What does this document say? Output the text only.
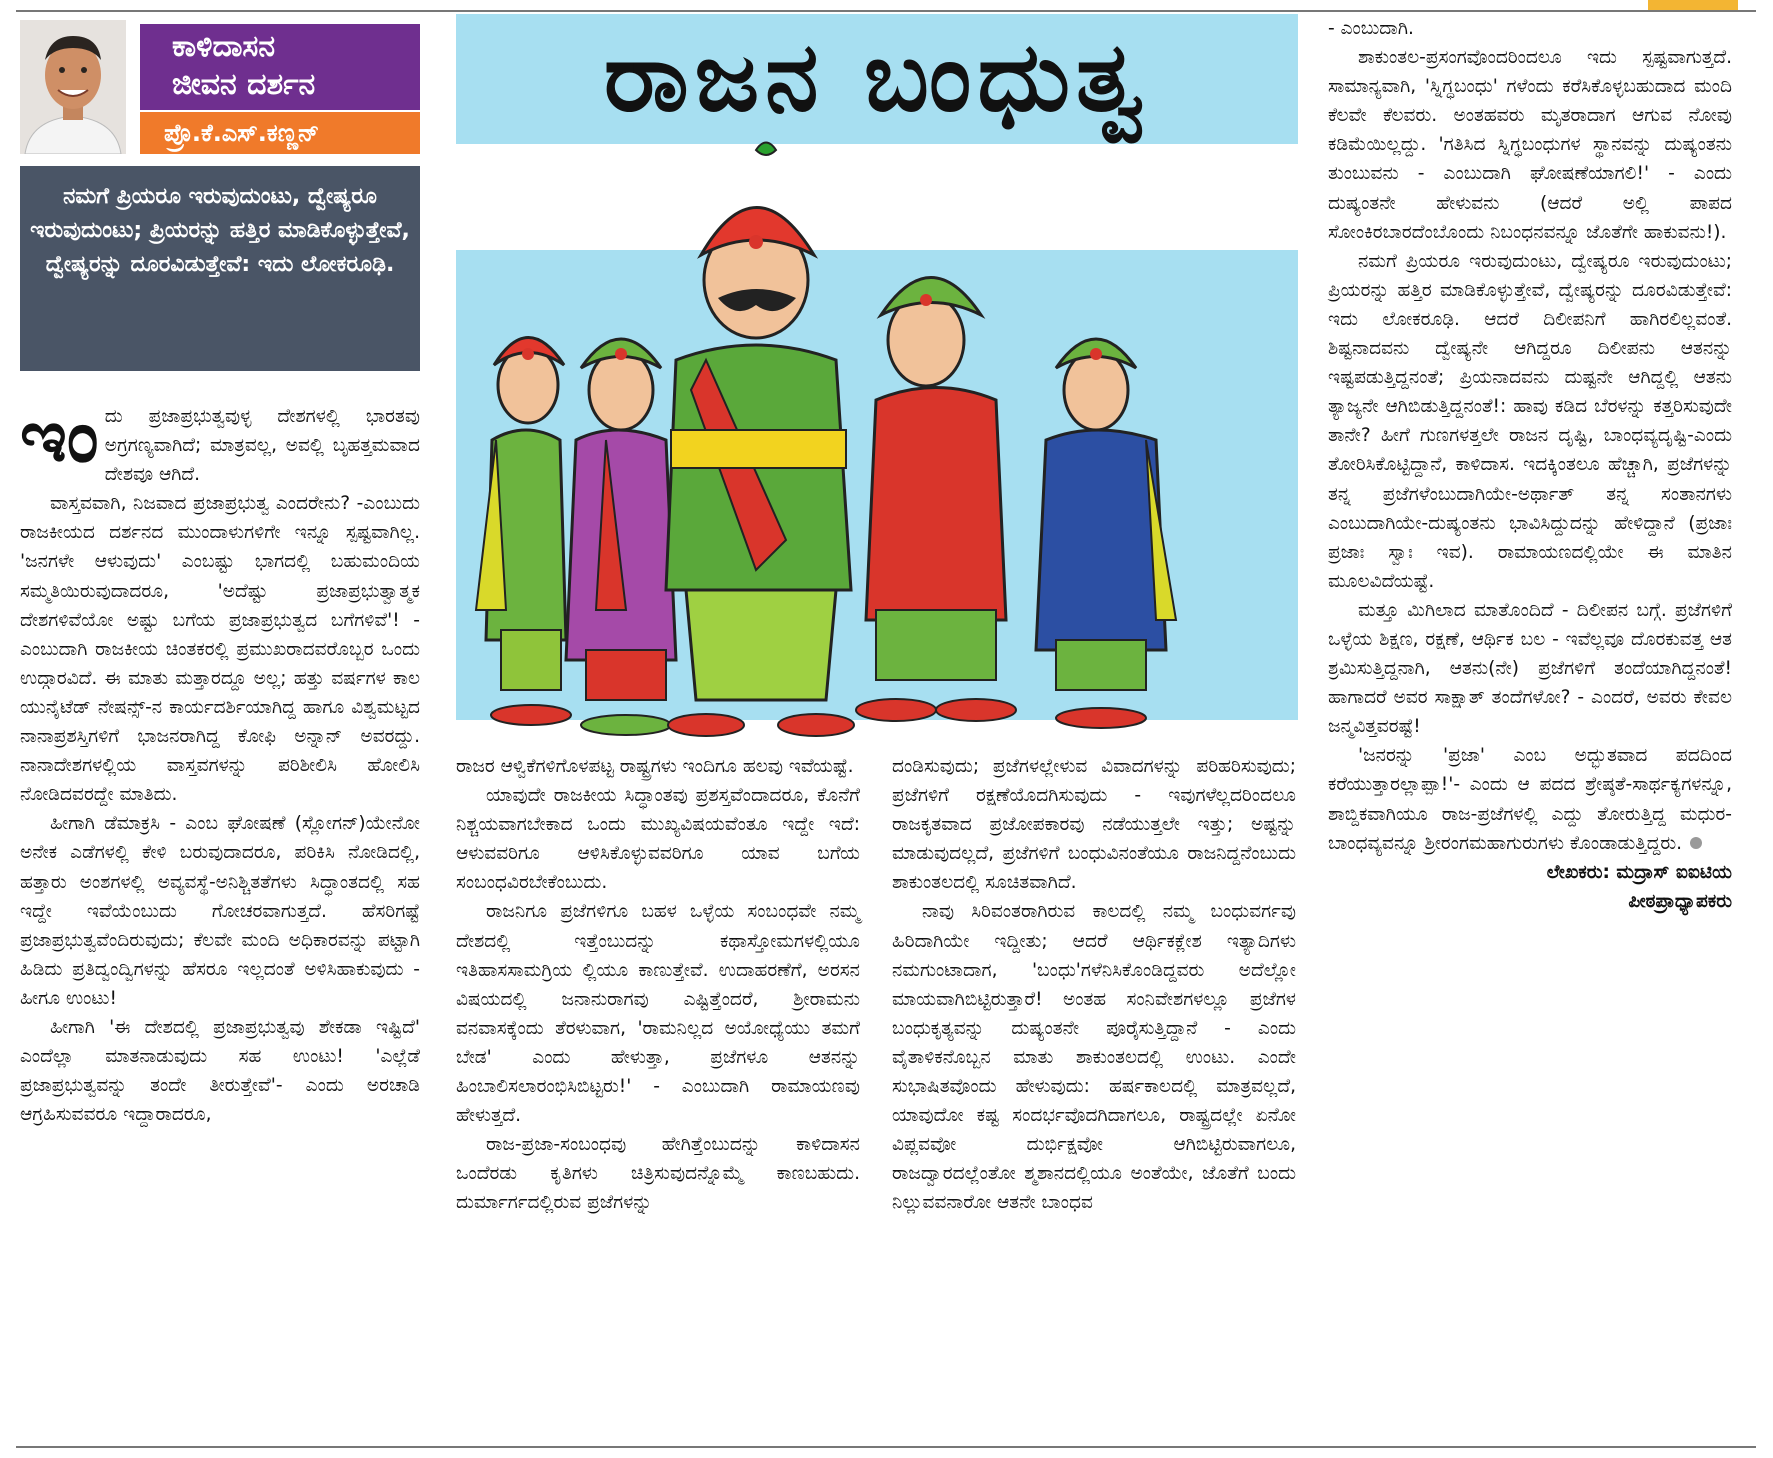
ಕಾಳಿದಾಸನ
ಜೀವನ ದರ್ಶನ
ಪ್ರೊ.ಕೆ.ಎಸ್.ಕಣ್ಣನ್
ನಮಗೆ ಪ್ರಿಯರೂ ಇರುವುದುಂಟು, ದ್ವೇಷ್ಯರೂ ಇರುವುದುಂಟು; ಪ್ರಿಯರನ್ನು ಹತ್ತಿರ ಮಾಡಿಕೊಳ್ಳುತ್ತೇವೆ, ದ್ವೇಷ್ಯರನ್ನು ದೂರವಿಡುತ್ತೇವೆ: ಇದು ಲೋಕರೂಢಿ.
ರಾಜನ ಬಂಧುತ್ವ

ಇಂದು ಪ್ರಜಾಪ್ರಭುತ್ವವುಳ್ಳ ದೇಶಗಳಲ್ಲಿ ಭಾರತವು ಅಗ್ರಗಣ್ಯವಾಗಿದೆ; ಮಾತ್ರವಲ್ಲ, ಅವಲ್ಲಿ ಬೃಹತ್ತಮವಾದ ದೇಶವೂ ಆಗಿದೆ.

ವಾಸ್ತವವಾಗಿ, ನಿಜವಾದ ಪ್ರಜಾಪ್ರಭುತ್ವ ಎಂದರೇನು? -ಎಂಬುದು ರಾಜಕೀಯದ ದರ್ಶನದ ಮುಂದಾಳುಗಳಿಗೇ ಇನ್ನೂ ಸ್ಪಷ್ಟವಾಗಿಲ್ಲ. 'ಜನಗಳೇ ಆಳುವುದು' ಎಂಬಷ್ಟು ಭಾಗದಲ್ಲಿ ಬಹುಮಂದಿಯ ಸಮ್ಮತಿಯಿರುವುದಾದರೂ, 'ಅದೆಷ್ಟು ಪ್ರಜಾಪ್ರಭುತ್ವಾತ್ಮಕ ದೇಶಗಳಿವೆಯೋ ಅಷ್ಟು ಬಗೆಯ ಪ್ರಜಾಪ್ರಭುತ್ವದ ಬಗೆಗಳಿವೆ'! - ಎಂಬುದಾಗಿ ರಾಜಕೀಯ ಚಿಂತಕರಲ್ಲಿ ಪ್ರಮುಖರಾದವರೊಬ್ಬರ ಒಂದು ಉದ್ಗಾರವಿದೆ. ಈ ಮಾತು ಮತ್ತಾರದ್ದೂ ಅಲ್ಲ; ಹತ್ತು ವರ್ಷಗಳ ಕಾಲ ಯುನೈಟೆಡ್ ನೇಷನ್ಸ್-ನ ಕಾರ್ಯದರ್ಶಿಯಾಗಿದ್ದ ಹಾಗೂ ವಿಶ್ವಮಟ್ಟದ ನಾನಾಪ್ರಶಸ್ತಿಗಳಿಗೆ ಭಾಜನರಾಗಿದ್ದ ಕೋಫಿ ಅನ್ನಾನ್ ಅವರದ್ದು. ನಾನಾದೇಶಗಳಲ್ಲಿಯ ವಾಸ್ತವಗಳನ್ನು ಪರಿಶೀಲಿಸಿ ಹೋಲಿಸಿ ನೋಡಿದವರದ್ದೇ ಮಾತಿದು.

ಹೀಗಾಗಿ ಡೆಮಾಕ್ರಸಿ - ಎಂಬ ಘೋಷಣೆ (ಸ್ಲೋಗನ್)ಯೇನೋ ಅನೇಕ ಎಡೆಗಳಲ್ಲಿ ಕೇಳಿ ಬರುವುದಾದರೂ, ಪರಿಕಿಸಿ ನೋಡಿದಲ್ಲಿ, ಹತ್ತಾರು ಅಂಶಗಳಲ್ಲಿ ಅವ್ಯವಸ್ಥೆ-ಅನಿಶ್ಚಿತತೆಗಳು ಸಿದ್ಧಾಂತದಲ್ಲಿ ಸಹ ಇದ್ದೇ ಇವೆಯೆಂಬುದು ಗೋಚರವಾಗುತ್ತದೆ. ಹೆಸರಿಗಷ್ಟೆ ಪ್ರಜಾಪ್ರಭುತ್ವವೆಂದಿರುವುದು; ಕೆಲವೇ ಮಂದಿ ಅಧಿಕಾರವನ್ನು ಪಟ್ಟಾಗಿ ಹಿಡಿದು ಪ್ರತಿದ್ವಂದ್ವಿಗಳನ್ನು ಹೆಸರೂ ಇಲ್ಲದಂತೆ ಅಳಿಸಿಹಾಕುವುದು - ಹೀಗೂ ಉಂಟು!

ಹೀಗಾಗಿ 'ಈ ದೇಶದಲ್ಲಿ ಪ್ರಜಾಪ್ರಭುತ್ವವು ಶೇಕಡಾ ಇಷ್ಟಿದೆ' ಎಂದೆಲ್ಲಾ ಮಾತನಾಡುವುದು ಸಹ ಉಂಟು! 'ಎಲ್ಲೆಡೆ ಪ್ರಜಾಪ್ರಭುತ್ವವನ್ನು ತಂದೇ ತೀರುತ್ತೇವೆ'- ಎಂದು ಅರಚಾಡಿ ಆಗ್ರಹಿಸುವವರೂ ಇದ್ದಾರಾದರೂ,

ರಾಜರ ಆಳ್ವಿಕೆಗಳಿಗೊಳಪಟ್ಟ ರಾಷ್ಟ್ರಗಳು ಇಂದಿಗೂ ಹಲವು ಇವೆಯಷ್ಟೆ.

ಯಾವುದೇ ರಾಜಕೀಯ ಸಿದ್ಧಾಂತವು ಪ್ರಶಸ್ತವೆಂದಾದರೂ, ಕೊನೆಗೆ ನಿಶ್ಚಯವಾಗಬೇಕಾದ ಒಂದು ಮುಖ್ಯವಿಷಯವೆಂತೂ ಇದ್ದೇ ಇದೆ: ಆಳುವವರಿಗೂ ಆಳಿಸಿಕೊಳ್ಳುವವರಿಗೂ ಯಾವ ಬಗೆಯ ಸಂಬಂಧವಿರಬೇಕೆಂಬುದು.

ರಾಜನಿಗೂ ಪ್ರಜೆಗಳಿಗೂ ಬಹಳ ಒಳ್ಳೆಯ ಸಂಬಂಧವೇ ನಮ್ಮ ದೇಶದಲ್ಲಿ ಇತ್ತೆಂಬುದನ್ನು ಕಥಾಸ್ತೋಮಗಳಲ್ಲಿಯೂ ಇತಿಹಾಸಸಾಮಗ್ರಿಯ ಲ್ಲಿಯೂ ಕಾಣುತ್ತೇವೆ. ಉದಾಹರಣೆಗೆ, ಅರಸನ ವಿಷಯದಲ್ಲಿ ಜನಾನುರಾಗವು ಎಷ್ಟಿತ್ತೆಂದರೆ, ಶ್ರೀರಾಮನು ವನವಾಸಕ್ಕೆಂದು ತೆರಳುವಾಗ, 'ರಾಮನಿಲ್ಲದ ಅಯೋಧ್ಯೆಯು ತಮಗೆ ಬೇಡ' ಎಂದು ಹೇಳುತ್ತಾ, ಪ್ರಜೆಗಳೂ ಆತನನ್ನು ಹಿಂಬಾಲಿಸಲಾರಂಭಿಸಿಬಿಟ್ಟರು!' - ಎಂಬುದಾಗಿ ರಾಮಾಯಣವು ಹೇಳುತ್ತದೆ.

ರಾಜ-ಪ್ರಜಾ-ಸಂಬಂಧವು ಹೇಗಿತ್ತೆಂಬುದನ್ನು ಕಾಳಿದಾಸನ ಒಂದೆರಡು ಕೃತಿಗಳು ಚಿತ್ರಿಸುವುದನ್ನೊಮ್ಮೆ ಕಾಣಬಹುದು. ದುರ್ಮಾರ್ಗದಲ್ಲಿರುವ ಪ್ರಜೆಗಳನ್ನು

ದಂಡಿಸುವುದು; ಪ್ರಜೆಗಳಲ್ಲೇಳುವ ವಿವಾದಗಳನ್ನು ಪರಿಹರಿಸುವುದು; ಪ್ರಜೆಗಳಿಗೆ ರಕ್ಷಣೆಯೊದಗಿಸುವುದು - ಇವುಗಳೆಲ್ಲದರಿಂದಲೂ ರಾಜಕೃತವಾದ ಪ್ರಜೋಪಕಾರವು ನಡೆಯುತ್ತಲೇ ಇತ್ತು; ಅಷ್ಟನ್ನು ಮಾಡುವುದಲ್ಲದೆ, ಪ್ರಜೆಗಳಿಗೆ ಬಂಧುವಿನಂತೆಯೂ ರಾಜನಿದ್ದನೆಂಬುದು ಶಾಕುಂತಲದಲ್ಲಿ ಸೂಚಿತವಾಗಿದೆ.

ನಾವು ಸಿರಿವಂತರಾಗಿರುವ ಕಾಲದಲ್ಲಿ ನಮ್ಮ ಬಂಧುವರ್ಗವು ಹಿರಿದಾಗಿಯೇ ಇದ್ದೀತು; ಆದರೆ ಆರ್ಥಿಕಕ್ಲೇಶ ಇತ್ಯಾದಿಗಳು ನಮಗುಂಟಾದಾಗ, 'ಬಂಧು'ಗಳೆನಿಸಿಕೊಂಡಿದ್ದವರು ಅದೆಲ್ಲೋ ಮಾಯವಾಗಿಬಿಟ್ಟಿರುತ್ತಾರೆ! ಅಂತಹ ಸಂನಿವೇಶಗಳಲ್ಲೂ ಪ್ರಜೆಗಳ ಬಂಧುಕೃತ್ಯವನ್ನು ದುಷ್ಯಂತನೇ ಪೂರೈಸುತ್ತಿದ್ದಾನೆ - ಎಂದು ವೈತಾಳಿಕನೊಬ್ಬನ ಮಾತು ಶಾಕುಂತಲದಲ್ಲಿ ಉಂಟು. ಎಂದೇ ಸುಭಾಷಿತವೊಂದು ಹೇಳುವುದು: ಹರ್ಷಕಾಲದಲ್ಲಿ ಮಾತ್ರವಲ್ಲದೆ, ಯಾವುದೋ ಕಷ್ಟ ಸಂದರ್ಭವೊದಗಿದಾಗಲೂ, ರಾಷ್ಟ್ರದಲ್ಲೇ ಏನೋ ವಿಪ್ಲವವೋ ದುರ್ಭಿಕ್ಷವೋ ಆಗಿಬಿಟ್ಟಿರುವಾಗಲೂ, ರಾಜದ್ವಾರದಲ್ಲೆಂತೋ ಶ್ಮಶಾನದಲ್ಲಿಯೂ ಅಂತೆಯೇ, ಜೊತೆಗೆ ಬಂದು ನಿಲ್ಲುವವನಾರೋ ಆತನೇ ಬಾಂಧವ

- ಎಂಬುದಾಗಿ.

ಶಾಕುಂತಲ-ಪ್ರಸಂಗವೊಂದರಿಂದಲೂ ಇದು ಸ್ಪಷ್ಟವಾಗುತ್ತದೆ. ಸಾಮಾನ್ಯವಾಗಿ, 'ಸ್ನಿಗ್ಧಬಂಧು' ಗಳೆಂದು ಕರೆಸಿಕೊಳ್ಳಬಹುದಾದ ಮಂದಿ ಕೆಲವೇ ಕೆಲವರು. ಅಂತಹವರು ಮೃತರಾದಾಗ ಆಗುವ ನೋವು ಕಡಿಮೆಯಿಲ್ಲದ್ದು. 'ಗತಿಸಿದ ಸ್ನಿಗ್ಧಬಂಧುಗಳ ಸ್ಥಾನವನ್ನು ದುಷ್ಯಂತನು ತುಂಬುವನು - ಎಂಬುದಾಗಿ ಘೋಷಣೆಯಾಗಲಿ!' - ಎಂದು ದುಷ್ಯಂತನೇ ಹೇಳುವನು (ಆದರೆ ಅಲ್ಲಿ ಪಾಪದ ಸೋಂಕಿರಬಾರದೆಂಬೊಂದು ನಿಬಂಧನವನ್ನೂ ಜೊತೆಗೇ ಹಾಕುವನು!).

ನಮಗೆ ಪ್ರಿಯರೂ ಇರುವುದುಂಟು, ದ್ವೇಷ್ಯರೂ ಇರುವುದುಂಟು; ಪ್ರಿಯರನ್ನು ಹತ್ತಿರ ಮಾಡಿಕೊಳ್ಳುತ್ತೇವೆ, ದ್ವೇಷ್ಯರನ್ನು ದೂರವಿಡುತ್ತೇವೆ: ಇದು ಲೋಕರೂಢಿ. ಆದರೆ ದಿಲೀಪನಿಗೆ ಹಾಗಿರಲಿಲ್ಲವಂತೆ. ಶಿಷ್ಟನಾದವನು ದ್ವೇಷ್ಯನೇ ಆಗಿದ್ದರೂ ದಿಲೀಪನು ಆತನನ್ನು ಇಷ್ಟಪಡುತ್ತಿದ್ದನಂತೆ; ಪ್ರಿಯನಾದವನು ದುಷ್ಟನೇ ಆಗಿದ್ದಲ್ಲಿ ಆತನು ತ್ಯಾಜ್ಯನೇ ಆಗಿಬಿಡುತ್ತಿದ್ದನಂತೆ!: ಹಾವು ಕಡಿದ ಬೆರಳನ್ನು ಕತ್ತರಿಸುವುದೇ ತಾನೇ? ಹೀಗೆ ಗುಣಗಳತ್ತಲೇ ರಾಜನ ದೃಷ್ಟಿ, ಬಾಂಧವ್ಯದೃಷ್ಟಿ-ಎಂದು ತೋರಿಸಿಕೊಟ್ಟಿದ್ದಾನೆ, ಕಾಳಿದಾಸ. ಇದಕ್ಕಿಂತಲೂ ಹೆಚ್ಚಾಗಿ, ಪ್ರಜೆಗಳನ್ನು ತನ್ನ ಪ್ರಜೆಗಳೆಂಬುದಾಗಿಯೇ-ಅರ್ಥಾತ್ ತನ್ನ ಸಂತಾನಗಳು ಎಂಬುದಾಗಿಯೇ-ದುಷ್ಯಂತನು ಭಾವಿಸಿದ್ದುದನ್ನು ಹೇಳಿದ್ದಾನೆ (ಪ್ರಜಾಃ ಪ್ರಜಾಃ ಸ್ವಾಃ ಇವ). ರಾಮಾಯಣದಲ್ಲಿಯೇ ಈ ಮಾತಿನ ಮೂಲವಿದೆಯಷ್ಟೆ.

ಮತ್ತೂ ಮಿಗಿಲಾದ ಮಾತೊಂದಿದೆ - ದಿಲೀಪನ ಬಗ್ಗೆ. ಪ್ರಜೆಗಳಿಗೆ ಒಳ್ಳೆಯ ಶಿಕ್ಷಣ, ರಕ್ಷಣೆ, ಆರ್ಥಿಕ ಬಲ - ಇವೆಲ್ಲವೂ ದೊರಕುವತ್ತ ಆತ ಶ್ರಮಿಸುತ್ತಿದ್ದನಾಗಿ, ಆತನು(ನೇ) ಪ್ರಜೆಗಳಿಗೆ ತಂದೆಯಾಗಿದ್ದನಂತೆ! ಹಾಗಾದರೆ ಅವರ ಸಾಕ್ಷಾತ್ ತಂದೆಗಳೋ? - ಎಂದರೆ, ಅವರು ಕೇವಲ ಜನ್ಮವಿತ್ತವರಷ್ಟೆ!

'ಜನರನ್ನು 'ಪ್ರಜಾ' ಎಂಬ ಅದ್ಭುತವಾದ ಪದದಿಂದ ಕರೆಯುತ್ತಾರಲ್ಲಾಪ್ಪಾ!'- ಎಂದು ಆ ಪದದ ಶ್ರೇಷ್ಠತೆ-ಸಾರ್ಥಕ್ಯಗಳನ್ನೂ, ಶಾಬ್ದಿಕವಾಗಿಯೂ ರಾಜ-ಪ್ರಜೆಗಳಲ್ಲಿ ಎದ್ದು ತೋರುತ್ತಿದ್ದ ಮಧುರ-ಬಾಂಧವ್ಯವನ್ನೂ ಶ್ರೀರಂಗಮಹಾಗುರುಗಳು ಕೊಂಡಾಡುತ್ತಿದ್ದರು.

ಲೇಖಕರು: ಮದ್ರಾಸ್ ಐಐಟಿಯ

ಪೀಠಪ್ರಾಧ್ಯಾಪಕರು
